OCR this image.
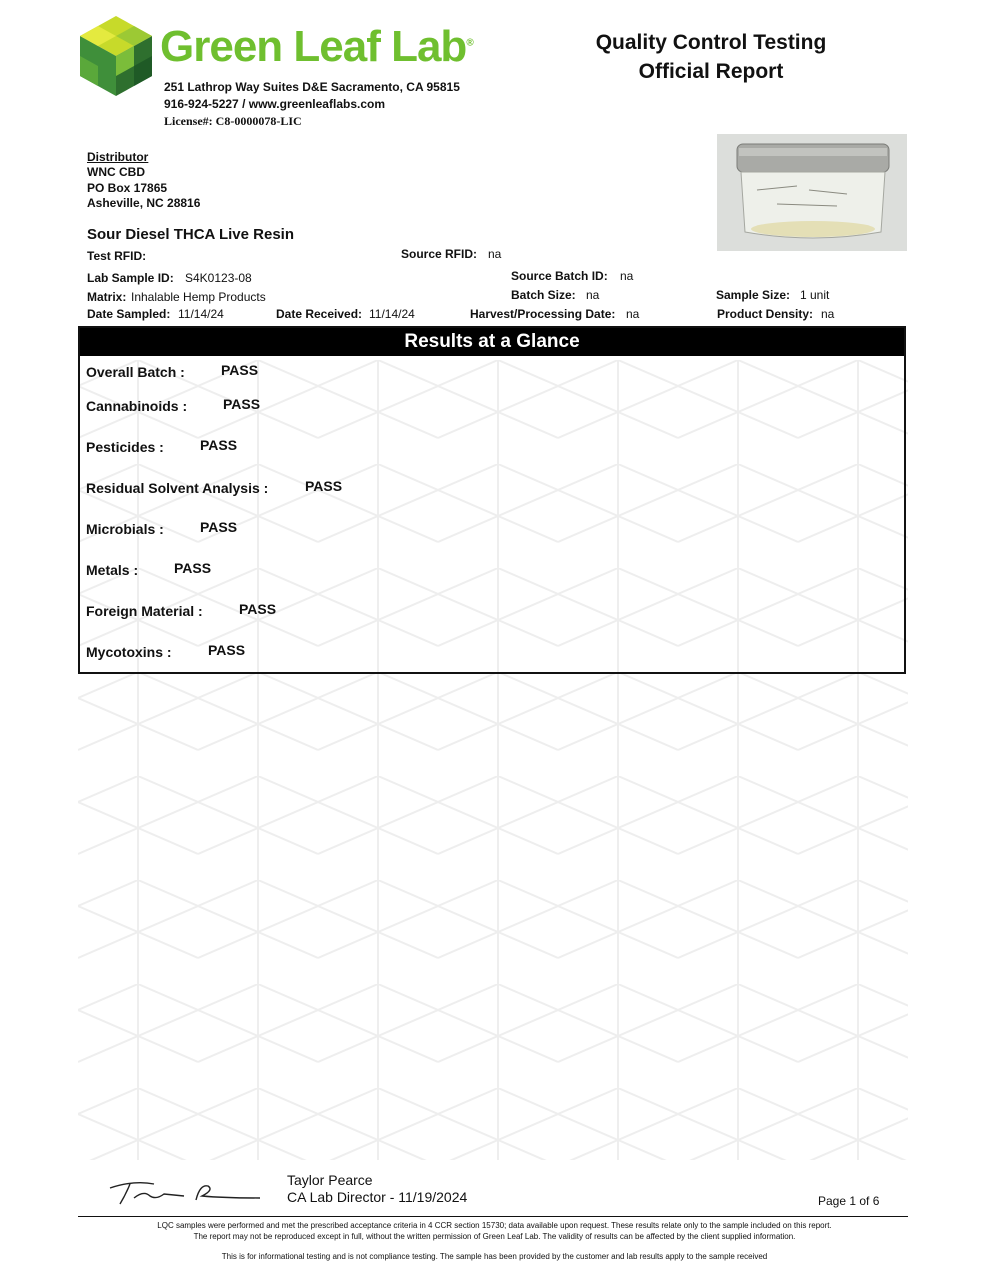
Green Leaf Lab®
251 Lathrop Way Suites D&E Sacramento, CA 95815
916-924-5227 / www.greenleaflabs.com
License#: C8-0000078-LIC
Quality Control Testing
Official Report
Distributor
WNC CBD
PO Box 17865
Asheville, NC 28816
Sour Diesel THCA Live Resin
Test RFID:	Source RFID: na
Lab Sample ID: S4K0123-08	Source Batch ID: na
Matrix: Inhalable Hemp Products	Batch Size: na	Sample Size: 1 unit
Date Sampled: 11/14/24	Date Received: 11/14/24	Harvest/Processing Date: na	Product Density: na
Results at a Glance
Overall Batch :	PASS
Cannabinoids :	PASS
Pesticides :	PASS
Residual Solvent Analysis :	PASS
Microbials :	PASS
Metals :	PASS
Foreign Material :	PASS
Mycotoxins :	PASS
Taylor Pearce
CA Lab Director - 11/19/2024	Page 1 of 6
LQC samples were performed and met the prescribed acceptance criteria in 4 CCR section 15730; data available upon request. These results relate only to the sample included on this report.
The report may not be reproduced except in full, without the written permission of Green Leaf Lab. The validity of results can be affected by the client supplied information.
This is for informational testing and is not compliance testing. The sample has been provided by the customer and lab results apply to the sample received
